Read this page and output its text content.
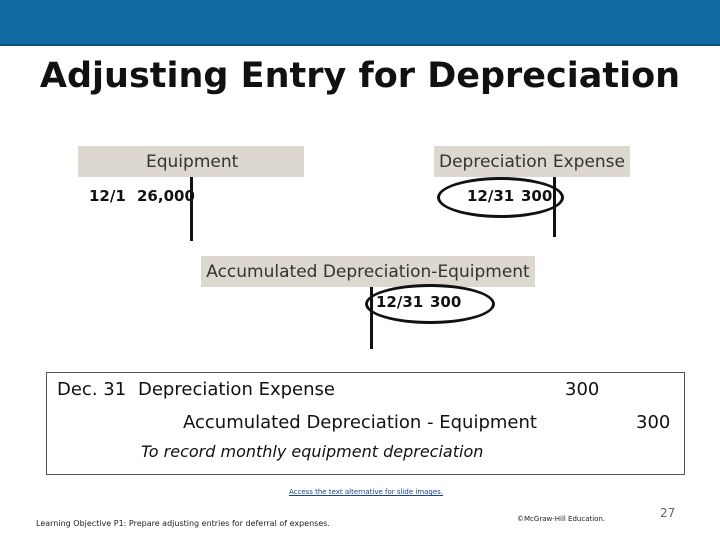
Adjusting Entry for Depreciation
Equipment
12/1 26,000
Depreciation Expense
12/31 300
Accumulated Depreciation-Equipment
12/31 300
Dec. 31 Depreciation Expense	300
Accumulated Depreciation - Equipment	300
To record monthly equipment depreciation
Access the text alternative for slide images.
Learning Objective P1: Prepare adjusting entries for deferral of expenses.	©McGraw-Hill Education.	27
